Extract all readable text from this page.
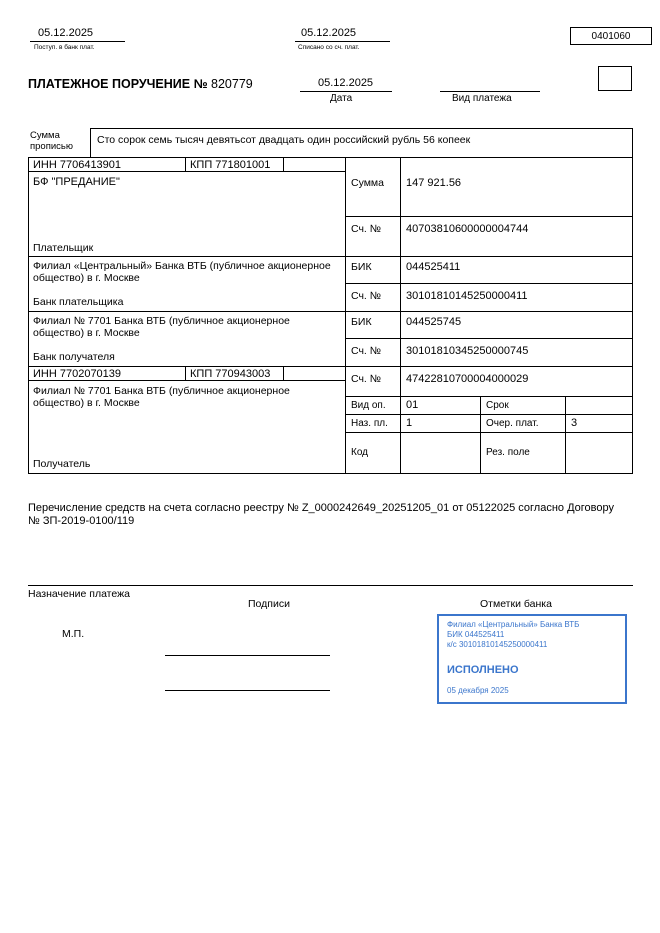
05.12.2025
Поступ. в банк плат.
05.12.2025
Списано со сч. плат.
0401060
ПЛАТЕЖНОЕ ПОРУЧЕНИЕ № 820779	05.12.2025
Дата	Вид платежа
Сумма прописью
Сто сорок семь тысяч девятьсот двадцать один российский рубль 56 копеек
ИНН 7706413901	КПП 771801001
БФ "ПРЕДАНИЕ"
Плательщик
Сумма 147 921.56
Сч. № 40703810600000004744
Филиал «Центральный» Банка ВТБ (публичное акционерное общество) в г. Москве
Банк плательщика
БИК	044525411
Сч. № 30101810145250000411
Филиал № 7701 Банка ВТБ (публичное акционерное общество) в г. Москве
Банк получателя
БИК	044525745
Сч. № 30101810345250000745
ИНН 7702070139	КПП 770943003
Филиал № 7701 Банка ВТБ (публичное акционерное общество) в г. Москве
Получатель
Сч. № 47422810700004000029
Вид оп. 01	Срок
Наз. пл. 1	Очер. плат.	3
Код	Рез. поле
Перечисление средств на счета согласно реестру № Z_0000242649_20251205_01 от 05122025 согласно Договору № ЗП-2019-0100/119
Назначение платежа
Подписи	Отметки банка
М.П.
Филиал «Центральный» Банка ВТБ
БИК 044525411
к/с 30101810145250000411
ИСПОЛНЕНО
05 декабря 2025
